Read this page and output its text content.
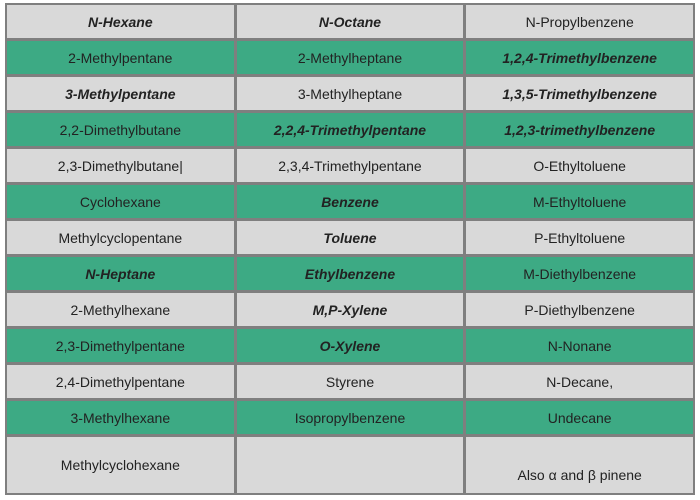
N-Hexane	N-Octane	N-Propylbenzene
2-Methylpentane	2-Methylheptane	1,2,4-Trimethylbenzene
3-Methylpentane	3-Methylheptane	1,3,5-Trimethylbenzene
2,2-Dimethylbutane	2,2,4-Trimethylpentane	1,2,3-trimethylbenzene
2,3-Dimethylbutane|	2,3,4-Trimethylpentane	O-Ethyltoluene
Cyclohexane	Benzene	M-Ethyltoluene
Methylcyclopentane	Toluene	P-Ethyltoluene
N-Heptane	Ethylbenzene	M-Diethylbenzene
2-Methylhexane	M,P-Xylene	P-Diethylbenzene
2,3-Dimethylpentane	O-Xylene	N-Nonane
2,4-Dimethylpentane	Styrene	N-Decane,
3-Methylhexane	Isopropylbenzene	Undecane
Methylcyclohexane		Also α and β pinene
